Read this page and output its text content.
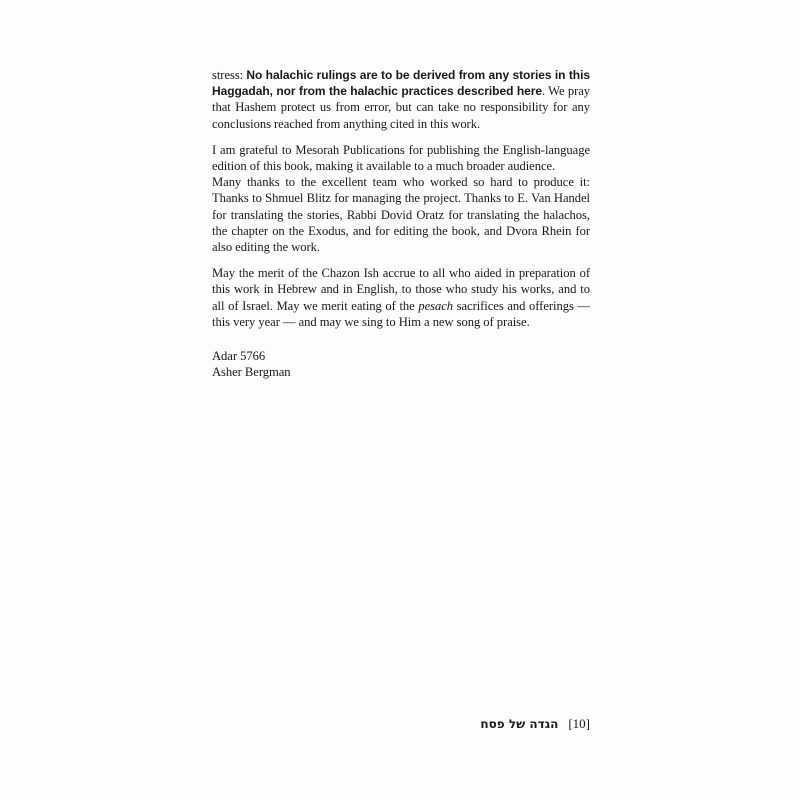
stress: No halachic rulings are to be derived from any stories in this Haggadah, nor from the halachic practices described here. We pray that Hashem protect us from error, but can take no responsibility for any conclusions reached from anything cited in this work.

I am grateful to Mesorah Publications for publishing the English-language edition of this book, making it available to a much broader audience.

Many thanks to the excellent team who worked so hard to produce it: Thanks to Shmuel Blitz for managing the project. Thanks to E. Van Handel for translating the stories, Rabbi Dovid Oratz for translating the halachos, the chapter on the Exodus, and for editing the book, and Dvora Rhein for also editing the work.

May the merit of the Chazon Ish accrue to all who aided in preparation of this work in Hebrew and in English, to those who study his works, and to all of Israel. May we merit eating of the pesach sacrifices and offerings — this very year — and may we sing to Him a new song of praise.

Adar 5766
Asher Bergman
הגדה של פסח [10]
